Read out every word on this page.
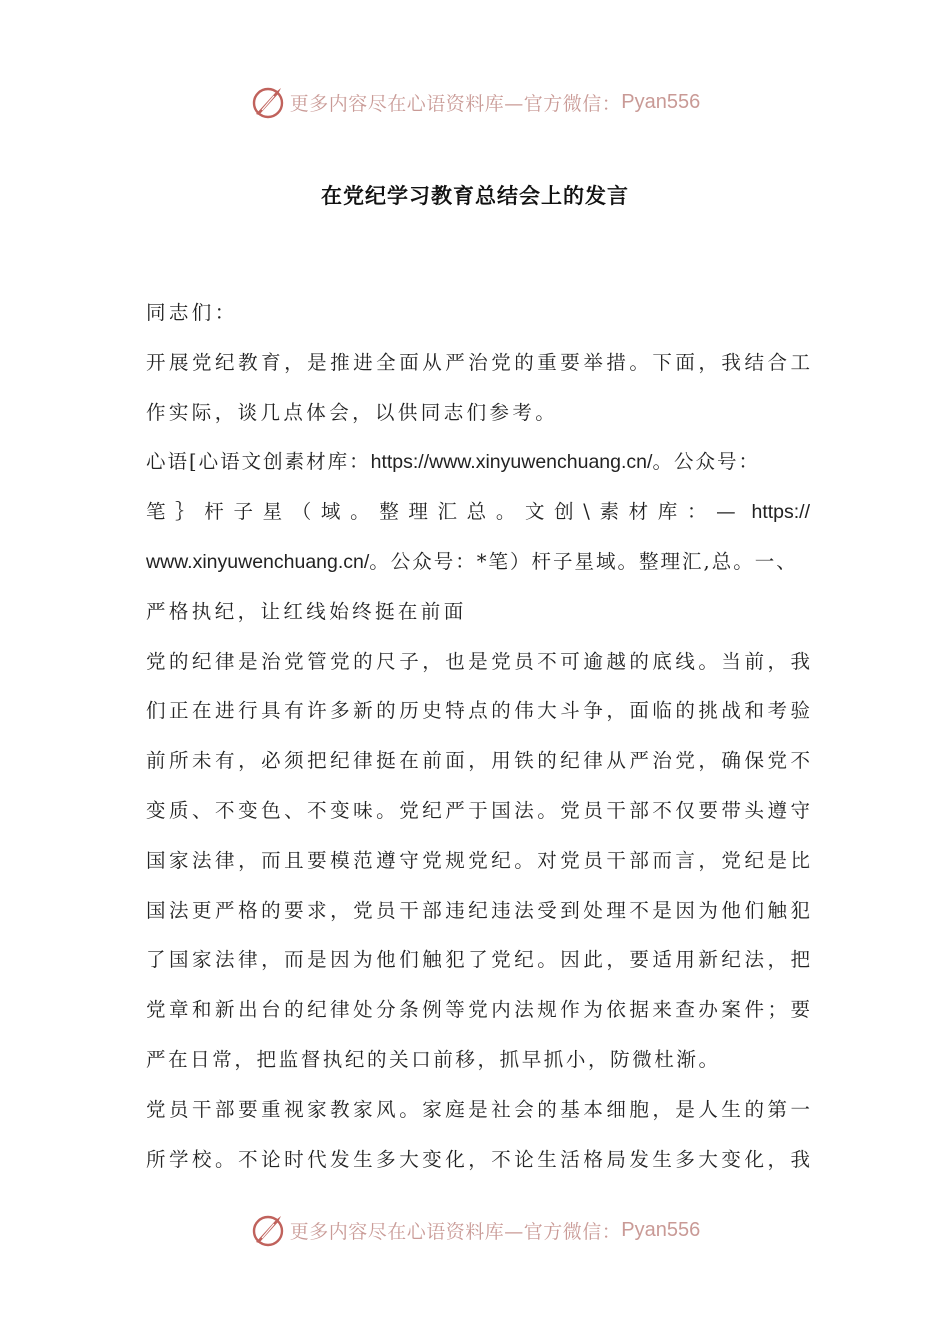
更多内容尽在心语资料库—官方微信： Pyan556
在党纪学习教育总结会上的发言
同志们：
开展党纪教育，是推进全面从严治党的重要举措。下面，我结合工
作实际，谈几点体会，以供同志们参考。
心语[心语文创素材库：https://www.xinyuwenchuang.cn/。公众号：
笔｝杆子星（域。整理汇总。文创\素材库：— https://
www.xinyuwenchuang.cn/。公众号：*笔）杆子星域。整理汇,总。一、
严格执纪，让红线始终挺在前面
党的纪律是治党管党的尺子，也是党员不可逾越的底线。当前，我
们正在进行具有许多新的历史特点的伟大斗争，面临的挑战和考验
前所未有，必须把纪律挺在前面，用铁的纪律从严治党，确保党不
变质、不变色、不变味。党纪严于国法。党员干部不仅要带头遵守
国家法律，而且要模范遵守党规党纪。对党员干部而言，党纪是比
国法更严格的要求，党员干部违纪违法受到处理不是因为他们触犯
了国家法律，而是因为他们触犯了党纪。因此，要适用新纪法，把
党章和新出台的纪律处分条例等党内法规作为依据来查办案件；要
严在日常，把监督执纪的关口前移，抓早抓小，防微杜渐。
党员干部要重视家教家风。家庭是社会的基本细胞，是人生的第一
所学校。不论时代发生多大变化，不论生活格局发生多大变化，我
更多内容尽在心语资料库—官方微信： Pyan556
